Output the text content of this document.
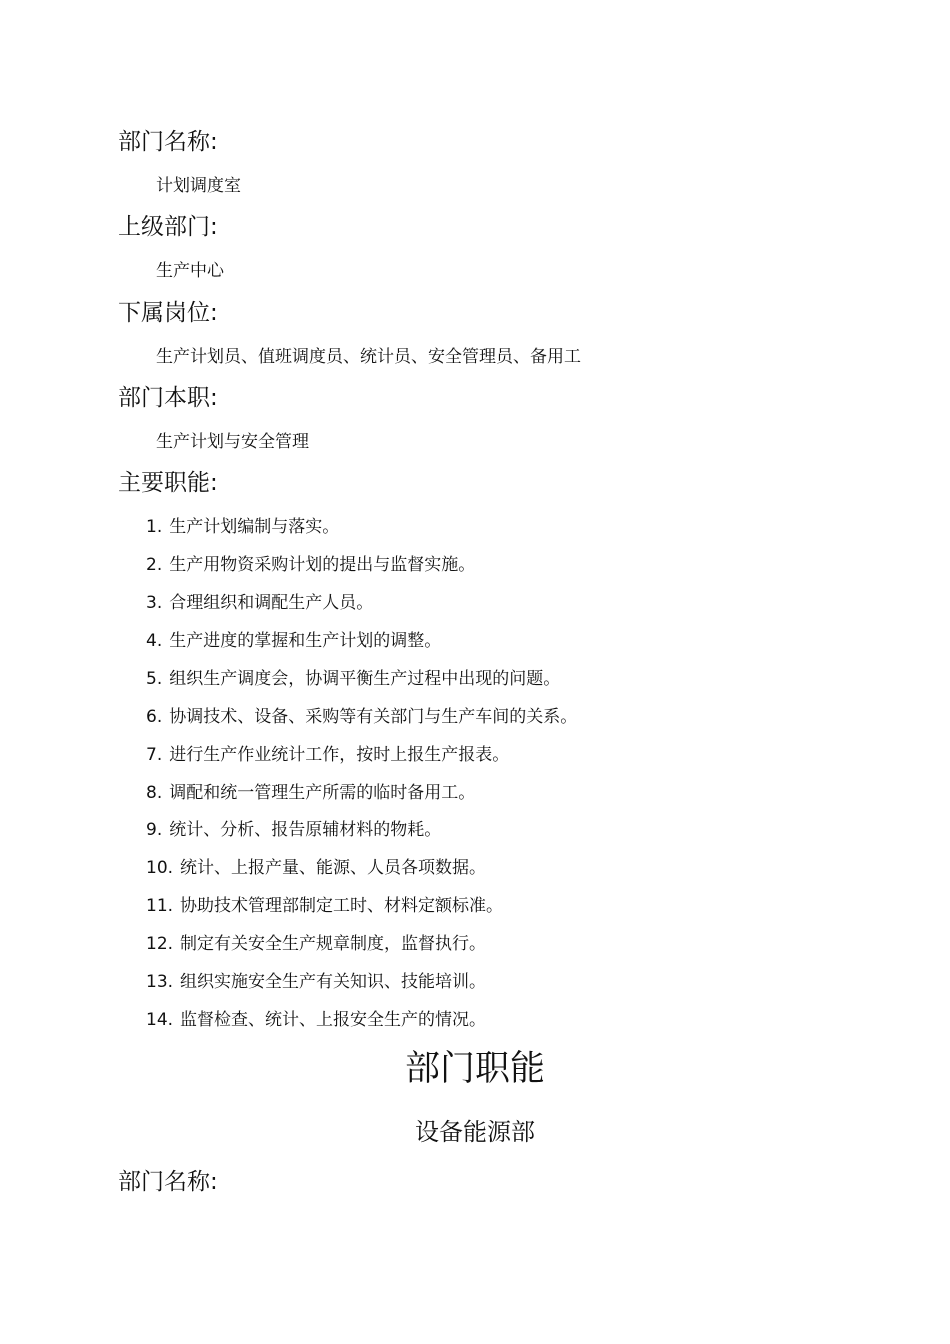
部门名称:
计划调度室
上级部门:
生产中心
下属岗位:
生产计划员、值班调度员、统计员、安全管理员、备用工
部门本职:
生产计划与安全管理
主要职能:
1. 生产计划编制与落实。
2. 生产用物资采购计划的提出与监督实施。
3. 合理组织和调配生产人员。
4. 生产进度的掌握和生产计划的调整。
5. 组织生产调度会，协调平衡生产过程中出现的问题。
6. 协调技术、设备、采购等有关部门与生产车间的关系。
7. 进行生产作业统计工作，按时上报生产报表。
8. 调配和统一管理生产所需的临时备用工。
9. 统计、分析、报告原辅材料的物耗。
10. 统计、上报产量、能源、人员各项数据。
11. 协助技术管理部制定工时、材料定额标准。
12. 制定有关安全生产规章制度，监督执行。
13. 组织实施安全生产有关知识、技能培训。
14. 监督检查、统计、上报安全生产的情况。
部门职能
设备能源部
部门名称:
